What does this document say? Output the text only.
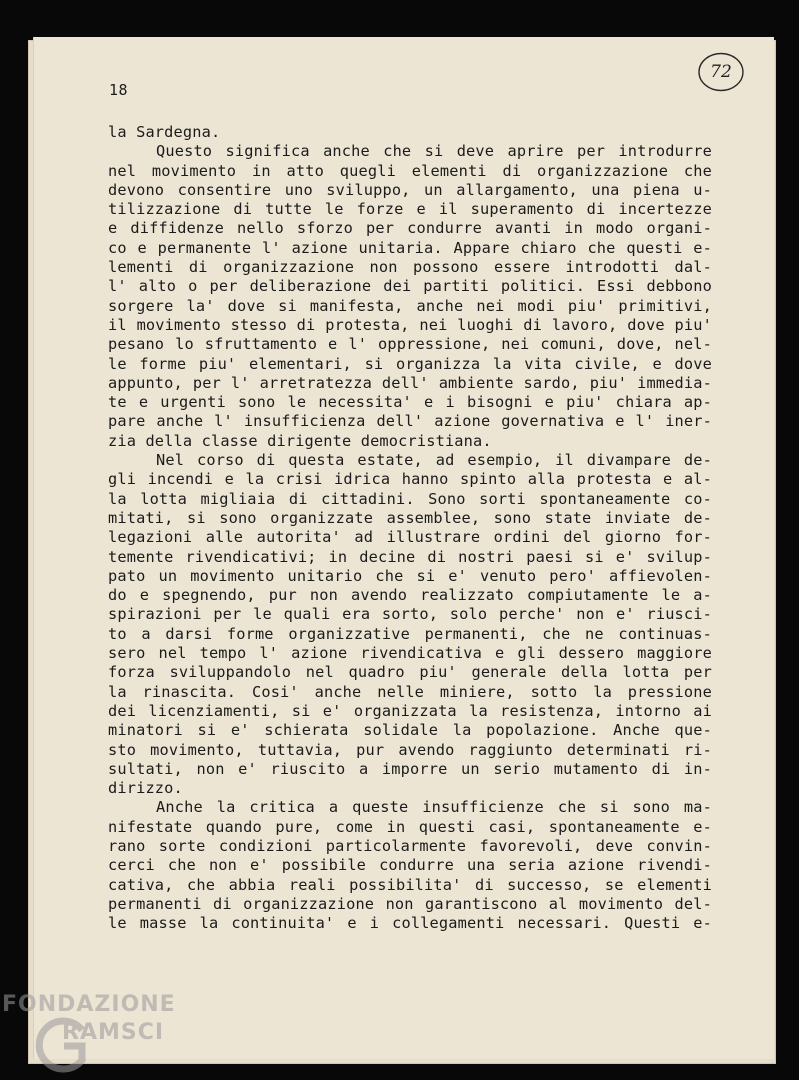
18
72
la Sardegna.
Questo significa anche che si deve aprire per introdurre
nel movimento in atto quegli elementi di organizzazione che
devono consentire uno sviluppo, un allargamento, una piena u-
tilizzazione di tutte le forze e il superamento di incertezze
e diffidenze nello sforzo per condurre avanti in modo organi-
co e permanente l' azione unitaria. Appare chiaro che questi e-
lementi di organizzazione non possono essere introdotti dal-
l' alto o per deliberazione dei partiti politici. Essi debbono
sorgere la' dove si manifesta, anche nei modi piu' primitivi,
il movimento stesso di protesta, nei luoghi di lavoro, dove piu'
pesano lo sfruttamento e l' oppressione, nei comuni, dove, nel-
le forme piu' elementari, si organizza la vita civile, e dove
appunto, per l' arretratezza dell' ambiente sardo, piu' immedia-
te e urgenti sono le necessita' e i bisogni e piu' chiara ap-
pare anche l' insufficienza dell' azione governativa e l' iner-
zia della classe dirigente democristiana.
Nel corso di questa estate, ad esempio, il divampare de-
gli incendi e la crisi idrica hanno spinto alla protesta e al-
la lotta migliaia di cittadini. Sono sorti spontaneamente co-
mitati, si sono organizzate assemblee, sono state inviate de-
legazioni alle autorita' ad illustrare ordini del giorno for-
temente rivendicativi; in decine di nostri paesi si e' svilup-
pato un movimento unitario che si e' venuto pero' affievolen-
do e spegnendo, pur non avendo realizzato compiutamente le a-
spirazioni per le quali era sorto, solo perche' non e' riusci-
to a darsi forme organizzative permanenti, che ne continuas-
sero nel tempo l' azione rivendicativa e gli dessero maggiore
forza sviluppandolo nel quadro piu' generale della lotta per
la rinascita. Cosi' anche nelle miniere, sotto la pressione
dei licenziamenti, si e' organizzata la resistenza, intorno ai
minatori si e' schierata solidale la popolazione. Anche que-
sto movimento, tuttavia, pur avendo raggiunto determinati ri-
sultati, non e' riuscito a imporre un serio mutamento di in-
dirizzo.
Anche la critica a queste insufficienze che si sono ma-
nifestate quando pure, come in questi casi, spontaneamente e-
rano sorte condizioni particolarmente favorevoli, deve convin-
cerci che non e' possibile condurre una seria azione rivendi-
cativa, che abbia reali possibilita' di successo, se elementi
permanenti di organizzazione non garantiscono al movimento del-
le masse la continuita' e i collegamenti necessari. Questi e-
FONDAZIONE
RAMSCI
